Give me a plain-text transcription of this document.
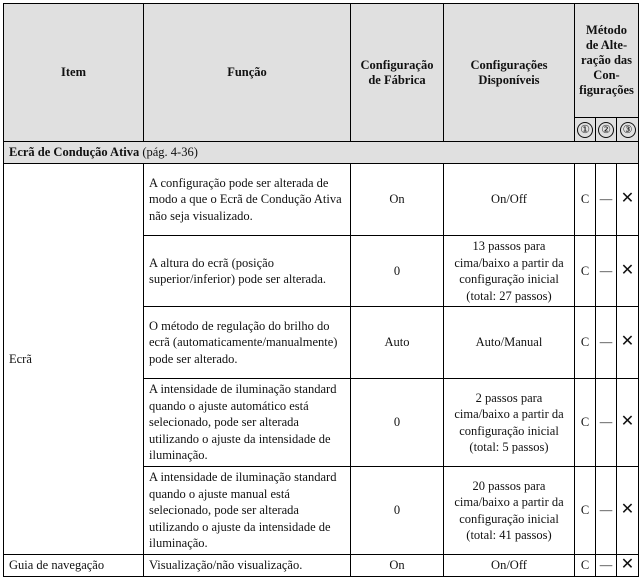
Item	Função	Configuração de Fábrica	Configurações Disponíveis	Método de Alteração das Configurações		
				①	②	③
Ecrã de Condução Ativa (pág. 4-36)						
Ecrã	A configuração pode ser alterada de modo a que o Ecrã de Condução Ativa não seja visualizado.	On	On/Off	C	—	✕
	A altura do ecrã (posição superior/inferior) pode ser alterada.	0	13 passos para cima/baixo a partir da configuração inicial (total: 27 passos)	C	—	✕
	O método de regulação do brilho do ecrã (automaticamente/manualmente) pode ser alterado.	Auto	Auto/Manual	C	—	✕
	A intensidade de iluminação standard quando o ajuste automático está selecionado, pode ser alterada utilizando o ajuste da intensidade de iluminação.	0	2 passos para cima/baixo a partir da configuração inicial (total: 5 passos)	C	—	✕
	A intensidade de iluminação standard quando o ajuste manual está selecionado, pode ser alterada utilizando o ajuste da intensidade de iluminação.	0	20 passos para cima/baixo a partir da configuração inicial (total: 41 passos)	C	—	✕
Guia de navegação	Visualização/não visualização.	On	On/Off	C	—	✕
